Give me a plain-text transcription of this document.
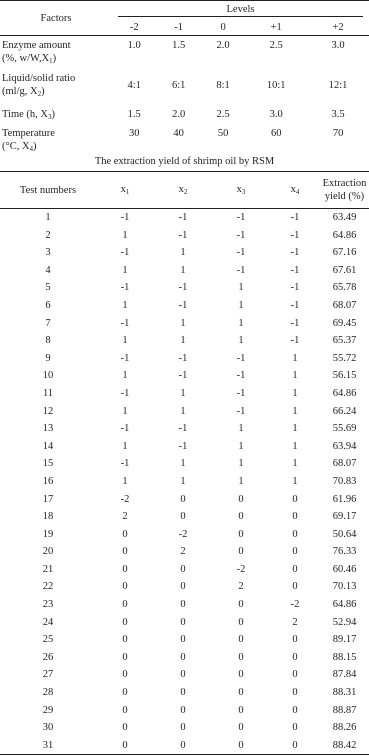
Factors	Levels				

	-2	-1	0	+1	+2

Enzyme amount
(%, $w/W,X_1$)	1.0	1.5	2.0	2.5	3.0

Liquid/solid ratio
(ml/g, $X_2$)	4:1	6:1	8:1	10:1	12:1
Time (h, $X_3$)	1.5	2.0	2.5	3.0	3.5

Temperature
(°C, $X_4$)	30	40	50	60	70
The extraction yield of shrimp oil by RSM
Test numbers	$x_1$	$x_2$	$x_3$	$x_4$	Extraction
yield (%)

1	-1	-1	-1	-1	63.49
2	1	-1	-1	-1	64.86
3	-1	1	-1	-1	67.16
4	1	1	-1	-1	67.61
5	-1	-1	1	-1	65.78
6	1	-1	1	-1	68.07
7	-1	1	1	-1	69.45
8	1	1	1	-1	65.37
9	-1	-1	-1	1	55.72
10	1	-1	-1	1	56.15
11	-1	1	-1	1	64.86
12	1	1	-1	1	66.24
13	-1	-1	1	1	55.69
14	1	-1	1	1	63.94
15	-1	1	1	1	68.07
16	1	1	1	1	70.83
17	-2	0	0	0	61.96
18	2	0	0	0	69.17
19	0	-2	0	0	50.64
20	0	2	0	0	76.33
21	0	0	-2	0	60.46
22	0	0	2	0	70.13
23	0	0	0	-2	64.86
24	0	0	0	2	52.94
25	0	0	0	0	89.17
26	0	0	0	0	88.15
27	0	0	0	0	87.84
28	0	0	0	0	88.31
29	0	0	0	0	88.87
30	0	0	0	0	88.26
31	0	0	0	0	88.42
